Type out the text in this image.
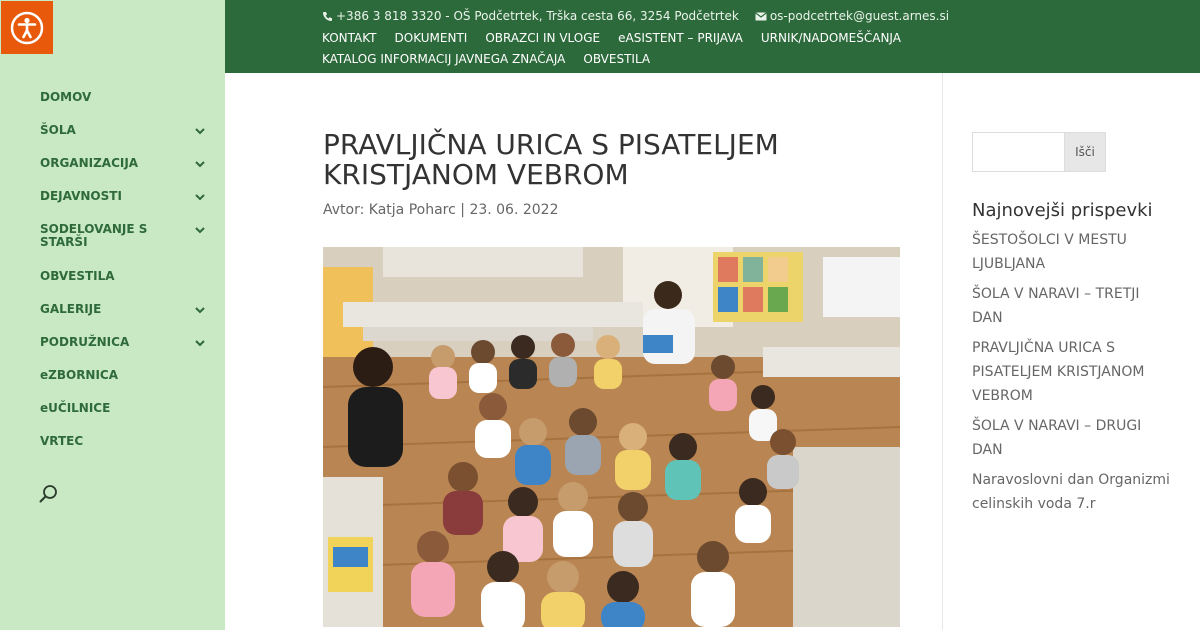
DOMOV
ŠOLA
ORGANIZACIJA
DEJAVNOSTI
SODELOVANJE S STARŠI
OBVESTILA
GALERIJE
PODRUŽNICA
eZBORNICA
eUČILNICE
VRTEC
+386 3 818 3320 - OŠ Podčetrtek, Trška cesta 66, 3254 Podčetrtek	os-podcetrtek@guest.arnes.si
KONTAKT DOKUMENTI OBRAZCI IN VLOGE eASISTENT – PRIJAVA URNIK/NADOMEŠČANJA
KATALOG INFORMACIJ JAVNEGA ZNAČAJA OBVESTILA
PRAVLJIČNA URICA S PISATELJEM KRISTJANOM VEBROM
Avtor: Katja Poharc | 23. 06. 2022
Išči
Najnovejši prispevki
ŠESTOŠOLCI V MESTU LJUBLJANA
ŠOLA V NARAVI – TRETJI DAN
PRAVLJIČNA URICA S PISATELJEM KRISTJANOM VEBROM
ŠOLA V NARAVI – DRUGI DAN
Naravoslovni dan Organizmi celinskih voda 7.r
